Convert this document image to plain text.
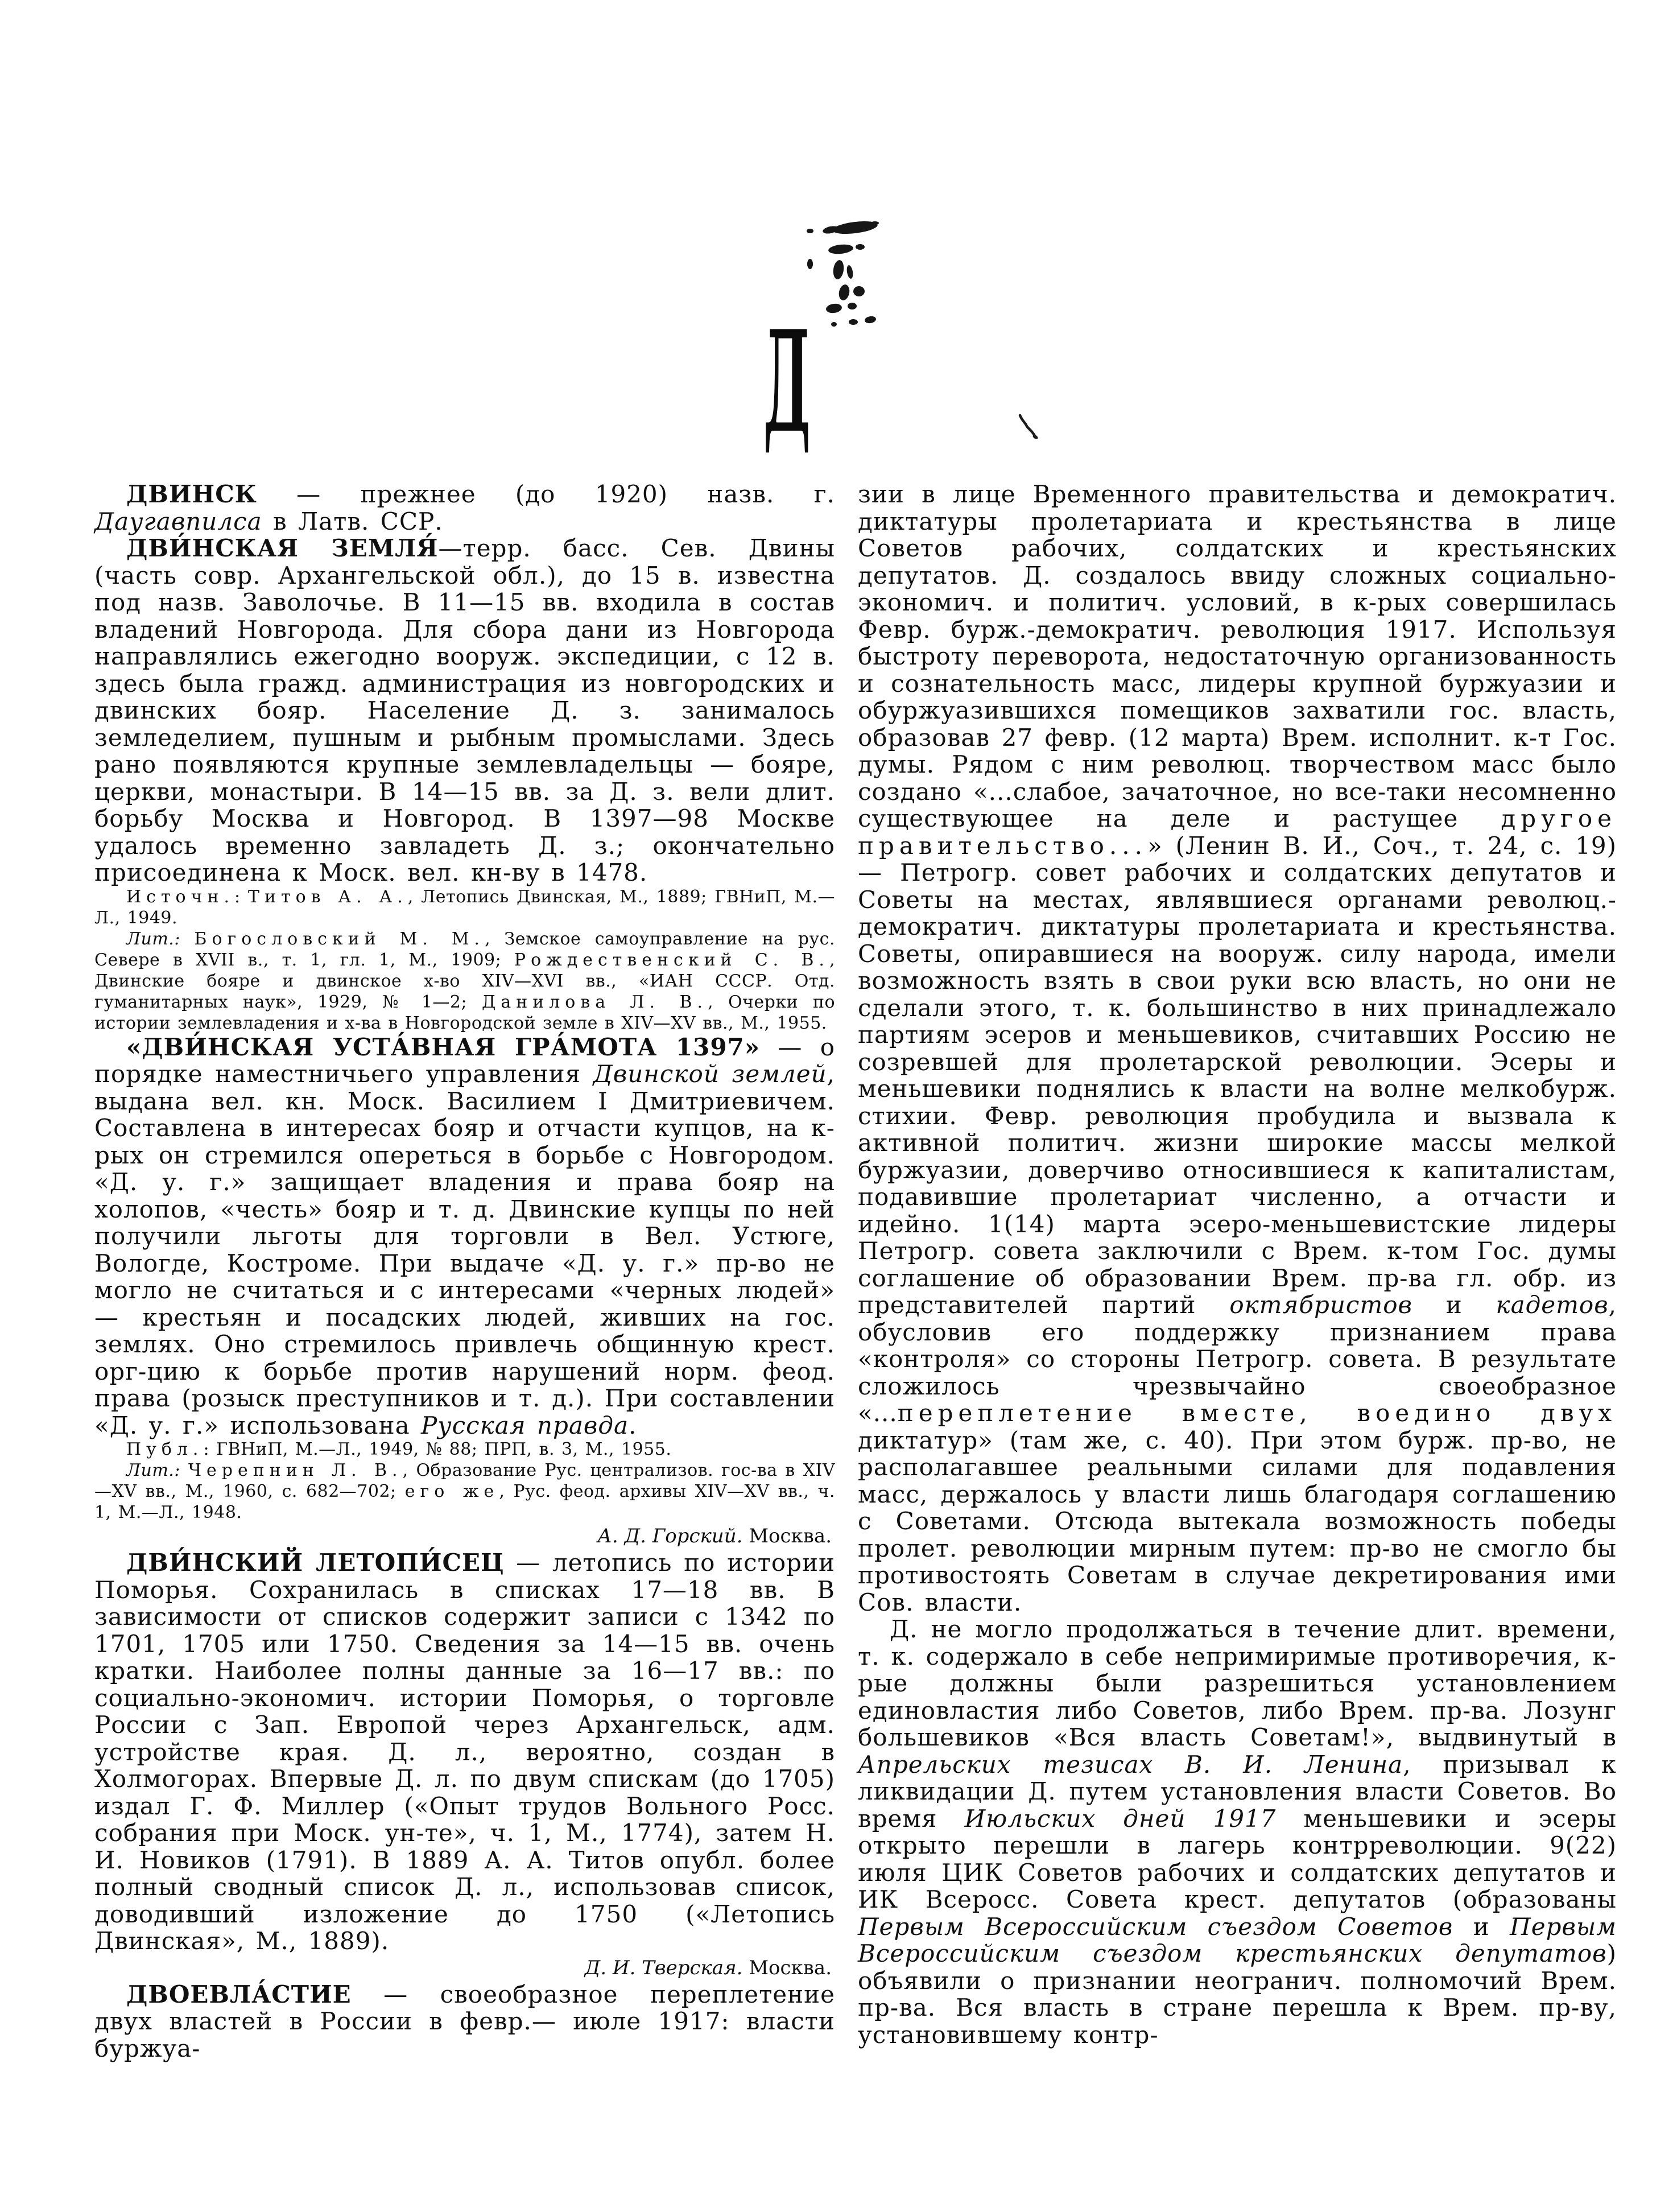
Д
ДВИНСК — прежнее (до 1920) назв. г. Даугавпилса в Латв. ССР.
ДВИ́НСКАЯ ЗЕМЛЯ́—терр. басс. Сев. Двины (часть совр. Архангельской обл.), до 15 в. известна под назв. Заволочье. В 11—15 вв. входила в состав владений Новгорода. Для сбора дани из Новгорода направлялись ежегодно вооруж. экспедиции, с 12 в. здесь была гражд. администрация из новгородских и двинских бояр. Население Д. з. занималось земледелием, пушным и рыбным промыслами. Здесь рано появляются крупные землевладельцы — бояре, церкви, монастыри. В 14—15 вв. за Д. з. вели длит. борьбу Москва и Новгород. В 1397—98 Москве удалось временно завладеть Д. з.; окончательно присоединена к Моск. вел. кн-ву в 1478.
Источн.: Титов А. А., Летопись Двинская, М., 1889; ГВНиП, М.—Л., 1949.
Лит.: Богословский М. М., Земское самоуправление на рус. Севере в XVII в., т. 1, гл. 1, М., 1909; Рождественский С. В., Двинские бояре и двинское х-во XIV—XVI вв., «ИАН СССР. Отд. гуманитарных наук», 1929, № 1—2; Данилова Л. В., Очерки по истории землевладения и х-ва в Новгородской земле в XIV—XV вв., М., 1955.
«ДВИ́НСКАЯ УСТА́ВНАЯ ГРА́МОТА 1397» — о порядке наместничьего управления Двинской землей, выдана вел. кн. Моск. Василием I Дмитриевичем. Составлена в интересах бояр и отчасти купцов, на к-рых он стремился опереться в борьбе с Новгородом. «Д. у. г.» защищает владения и права бояр на холопов, «честь» бояр и т. д. Двинские купцы по ней получили льготы для торговли в Вел. Устюге, Вологде, Костроме. При выдаче «Д. у. г.» пр-во не могло не считаться и с интересами «черных людей» — крестьян и посадских людей, живших на гос. землях. Оно стремилось привлечь общинную крест. орг-цию к борьбе против нарушений норм. феод. права (розыск преступников и т. д.). При составлении «Д. у. г.» использована Русская правда.
Публ.: ГВНиП, М.—Л., 1949, № 88; ПРП, в. 3, М., 1955.
Лит.: Черепнин Л. В., Образование Рус. централизов. гос-ва в XIV—XV вв., М., 1960, с. 682—702; его же, Рус. феод. архивы XIV—XV вв., ч. 1, М.—Л., 1948.
А. Д. Горский. Москва.
ДВИ́НСКИЙ ЛЕТОПИ́СЕЦ — летопись по истории Поморья. Сохранилась в списках 17—18 вв. В зависимости от списков содержит записи с 1342 по 1701, 1705 или 1750. Сведения за 14—15 вв. очень кратки. Наиболее полны данные за 16—17 вв.: по социально-экономич. истории Поморья, о торговле России с Зап. Европой через Архангельск, адм. устройстве края. Д. л., вероятно, создан в Холмогорах. Впервые Д. л. по двум спискам (до 1705) издал Г. Ф. Миллер («Опыт трудов Вольного Росс. собрания при Моск. ун-те», ч. 1, М., 1774), затем Н. И. Новиков (1791). В 1889 А. А. Титов опубл. более полный сводный список Д. л., использовав список, доводивший изложение до 1750 («Летопись Двинская», М., 1889).
Д. И. Тверская. Москва.
ДВОЕВЛА́СТИЕ — своеобразное переплетение двух властей в России в февр.— июле 1917: власти буржуа-
зии в лице Временного правительства и демократич. диктатуры пролетариата и крестьянства в лице Советов рабочих, солдатских и крестьянских депутатов. Д. создалось ввиду сложных социально-экономич. и политич. условий, в к-рых совершилась Февр. бурж.-демократич. революция 1917. Используя быстроту переворота, недостаточную организованность и сознательность масс, лидеры крупной буржуазии и обуржуазившихся помещиков захватили гос. власть, образовав 27 февр. (12 марта) Врем. исполнит. к-т Гос. думы. Рядом с ним революц. творчеством масс было создано «...слабое, зачаточное, но все-таки несомненно существующее на деле и растущее другое правительство...» (Ленин В. И., Соч., т. 24, с. 19) — Петрогр. совет рабочих и солдатских депутатов и Советы на местах, являвшиеся органами революц.-демократич. диктатуры пролетариата и крестьянства. Советы, опиравшиеся на вооруж. силу народа, имели возможность взять в свои руки всю власть, но они не сделали этого, т. к. большинство в них принадлежало партиям эсеров и меньшевиков, считавших Россию не созревшей для пролетарской революции. Эсеры и меньшевики поднялись к власти на волне мелкобурж. стихии. Февр. революция пробудила и вызвала к активной политич. жизни широкие массы мелкой буржуазии, доверчиво относившиеся к капиталистам, подавившие пролетариат численно, а отчасти и идейно. 1(14) марта эсеро-меньшевистские лидеры Петрогр. совета заключили с Врем. к-том Гос. думы соглашение об образовании Врем. пр-ва гл. обр. из представителей партий октябристов и кадетов, обусловив его поддержку признанием права «контроля» со стороны Петрогр. совета. В результате сложилось чрезвычайно своеобразное «...переплетение вместе, воедино двух диктатур» (там же, с. 40). При этом бурж. пр-во, не располагавшее реальными силами для подавления масс, держалось у власти лишь благодаря соглашению с Советами. Отсюда вытекала возможность победы пролет. революции мирным путем: пр-во не смогло бы противостоять Советам в случае декретирования ими Сов. власти.
Д. не могло продолжаться в течение длит. времени, т. к. содержало в себе непримиримые противоречия, к-рые должны были разрешиться установлением единовластия либо Советов, либо Врем. пр-ва. Лозунг большевиков «Вся власть Советам!», выдвинутый в Апрельских тезисах В. И. Ленина, призывал к ликвидации Д. путем установления власти Советов. Во время Июльских дней 1917 меньшевики и эсеры открыто перешли в лагерь контрреволюции. 9(22) июля ЦИК Советов рабочих и солдатских депутатов и ИК Всеросс. Совета крест. депутатов (образованы Первым Всероссийским съездом Советов и Первым Всероссийским съездом крестьянских депутатов) объявили о признании неогранич. полномочий Врем. пр-ва. Вся власть в стране перешла к Врем. пр-ву, установившему контр-
